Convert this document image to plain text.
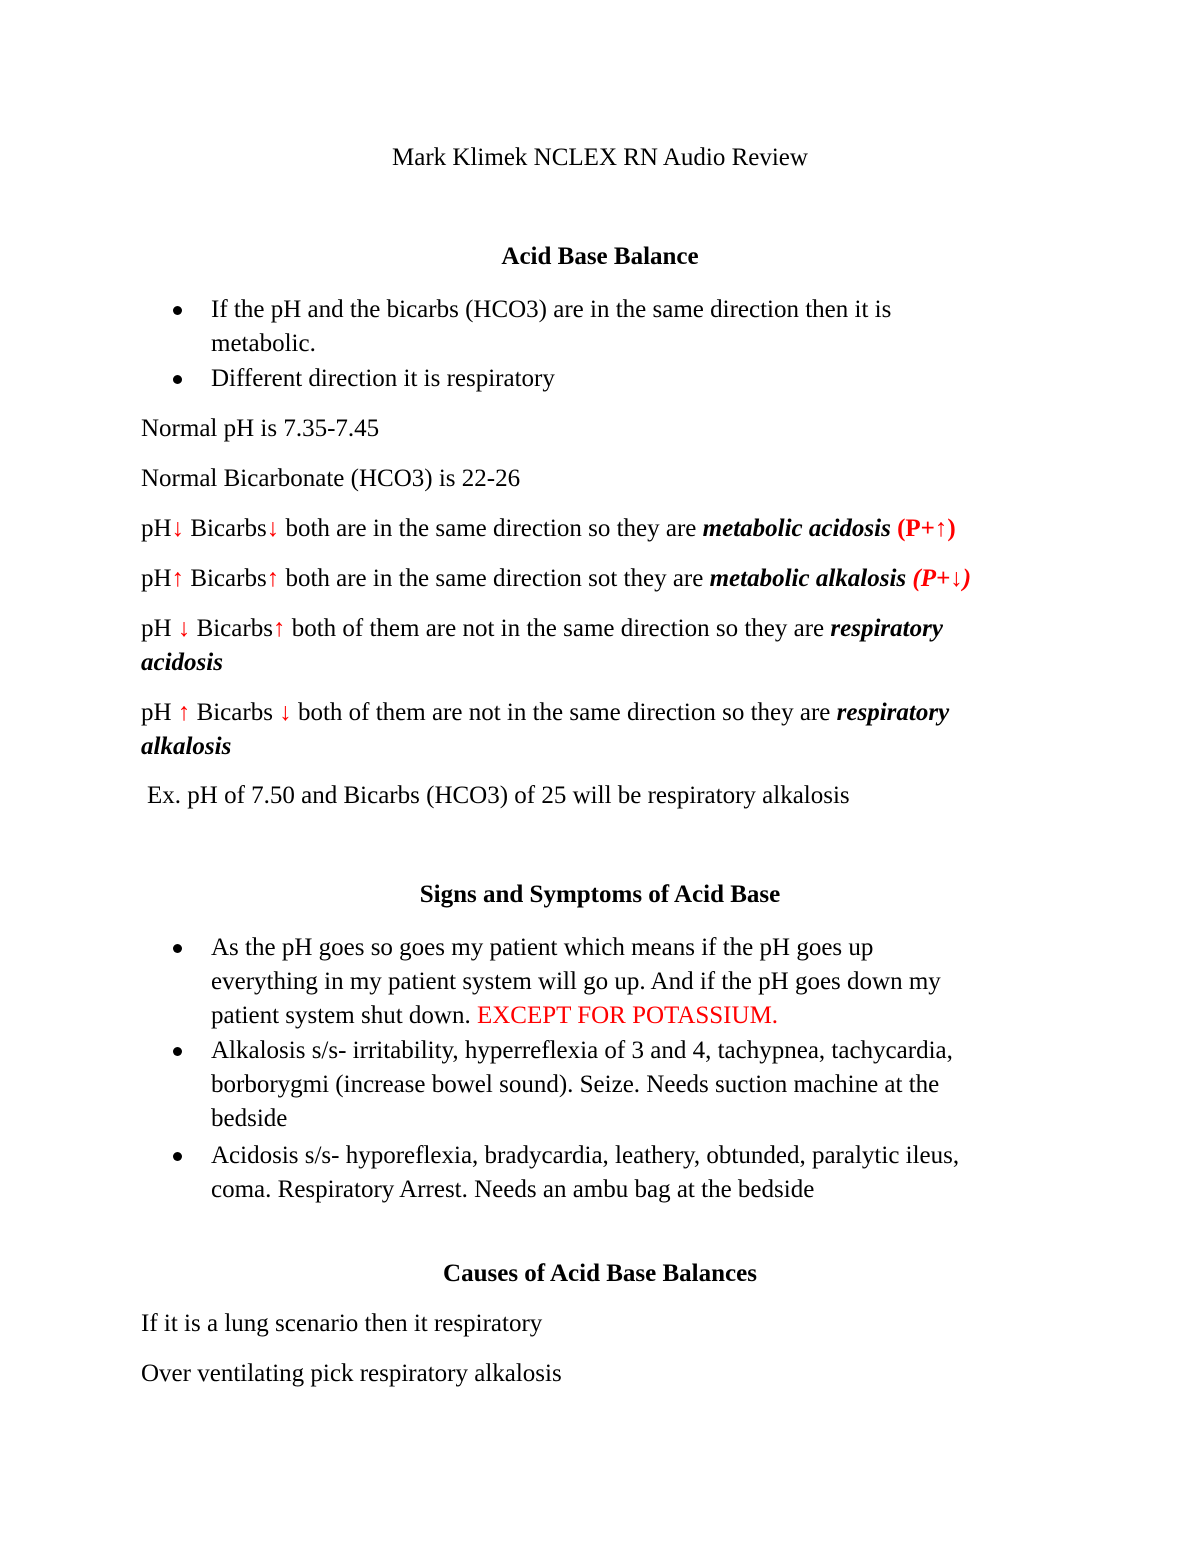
Mark Klimek NCLEX RN Audio Review
Acid Base Balance
If the pH and the bicarbs (HCO3) are in the same direction then it is
metabolic.
Different direction it is respiratory
Normal pH is 7.35-7.45
Normal Bicarbonate (HCO3) is 22-26
pH↓ Bicarbs↓ both are in the same direction so they are metabolic acidosis (P+↑)
pH↑ Bicarbs↑ both are in the same direction sot they are metabolic alkalosis (P+↓)
pH ↓ Bicarbs↑ both of them are not in the same direction so they are respiratory
acidosis
pH ↑ Bicarbs ↓ both of them are not in the same direction so they are respiratory
alkalosis
Ex. pH of 7.50 and Bicarbs (HCO3) of 25 will be respiratory alkalosis
Signs and Symptoms of Acid Base
As the pH goes so goes my patient which means if the pH goes up
everything in my patient system will go up. And if the pH goes down my
patient system shut down. EXCEPT FOR POTASSIUM.
Alkalosis s/s- irritability, hyperreflexia of 3 and 4, tachypnea, tachycardia,
borborygmi (increase bowel sound). Seize. Needs suction machine at the
bedside
Acidosis s/s- hyporeflexia, bradycardia, leathery, obtunded, paralytic ileus,
coma. Respiratory Arrest. Needs an ambu bag at the bedside
Causes of Acid Base Balances
If it is a lung scenario then it respiratory
Over ventilating pick respiratory alkalosis
